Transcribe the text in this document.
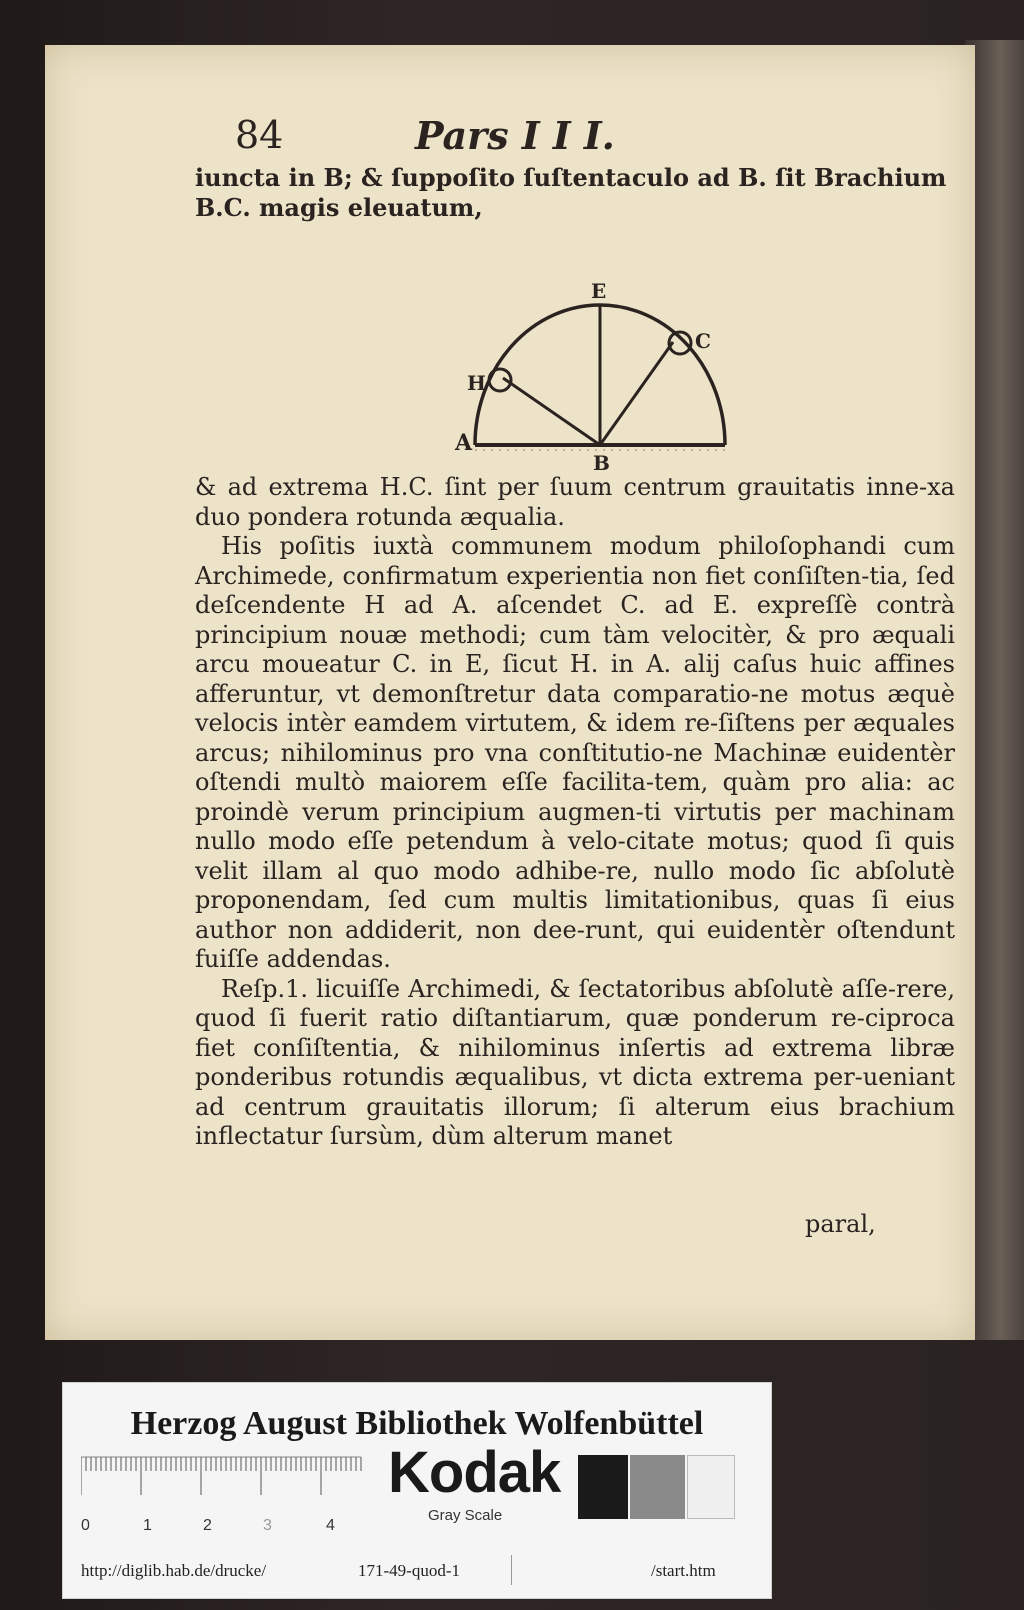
84	Pars I I I.

iuncta in B; & ſuppoſito ſuſtentaculo ad B. ſit Brachium

B.C. magis eleuatum,

E
C
H
A
B

& ad extrema H.C. ſint per ſuum centrum grauitatis inne-xa duo pondera rotunda æqualia.

His poſitis iuxtà communem modum philoſophandi cum Archimede, confirmatum experientia non fiet conſiſten-tia, ſed deſcendente H ad A. aſcendet C. ad E. expreſſè contrà principium nouæ methodi; cum tàm velocitèr, & pro æquali arcu moueatur C. in E, ſicut H. in A. alij caſus huic affines afferuntur, vt demonſtretur data comparatio-ne motus æquè velocis intèr eamdem virtutem, & idem re-ſiſtens per æquales arcus; nihilominus pro vna conſtitutio-ne Machinæ euidentèr oſtendi multò maiorem eſſe facilita-tem, quàm pro alia: ac proindè verum principium augmen-ti virtutis per machinam nullo modo eſſe petendum à velo-citate motus; quod ſi quis velit illam al quo modo adhibe-re, nullo modo ſic abſolutè proponendam, ſed cum multis limitationibus, quas ſi eius author non addiderit, non dee-runt, qui euidentèr oſtendunt fuiſſe addendas.

Reſp.1. licuiſſe Archimedi, & ſectatoribus abſolutè aſſe-rere, quod ſi fuerit ratio diſtantiarum, quæ ponderum re-ciproca fiet conſiſtentia, & nihilominus inſertis ad extrema libræ ponderibus rotundis æqualibus, vt dicta extrema per-ueniant ad centrum grauitatis illorum; ſi alterum eius brachium inflectatur ſursùm, dùm alterum manet

paral,
Herzog August Bibliothek Wolfenbüttel
0	1	2	3	4
Kodak
Gray Scale
http://diglib.hab.de/drucke/	171-49-quod-1	/start.htm
